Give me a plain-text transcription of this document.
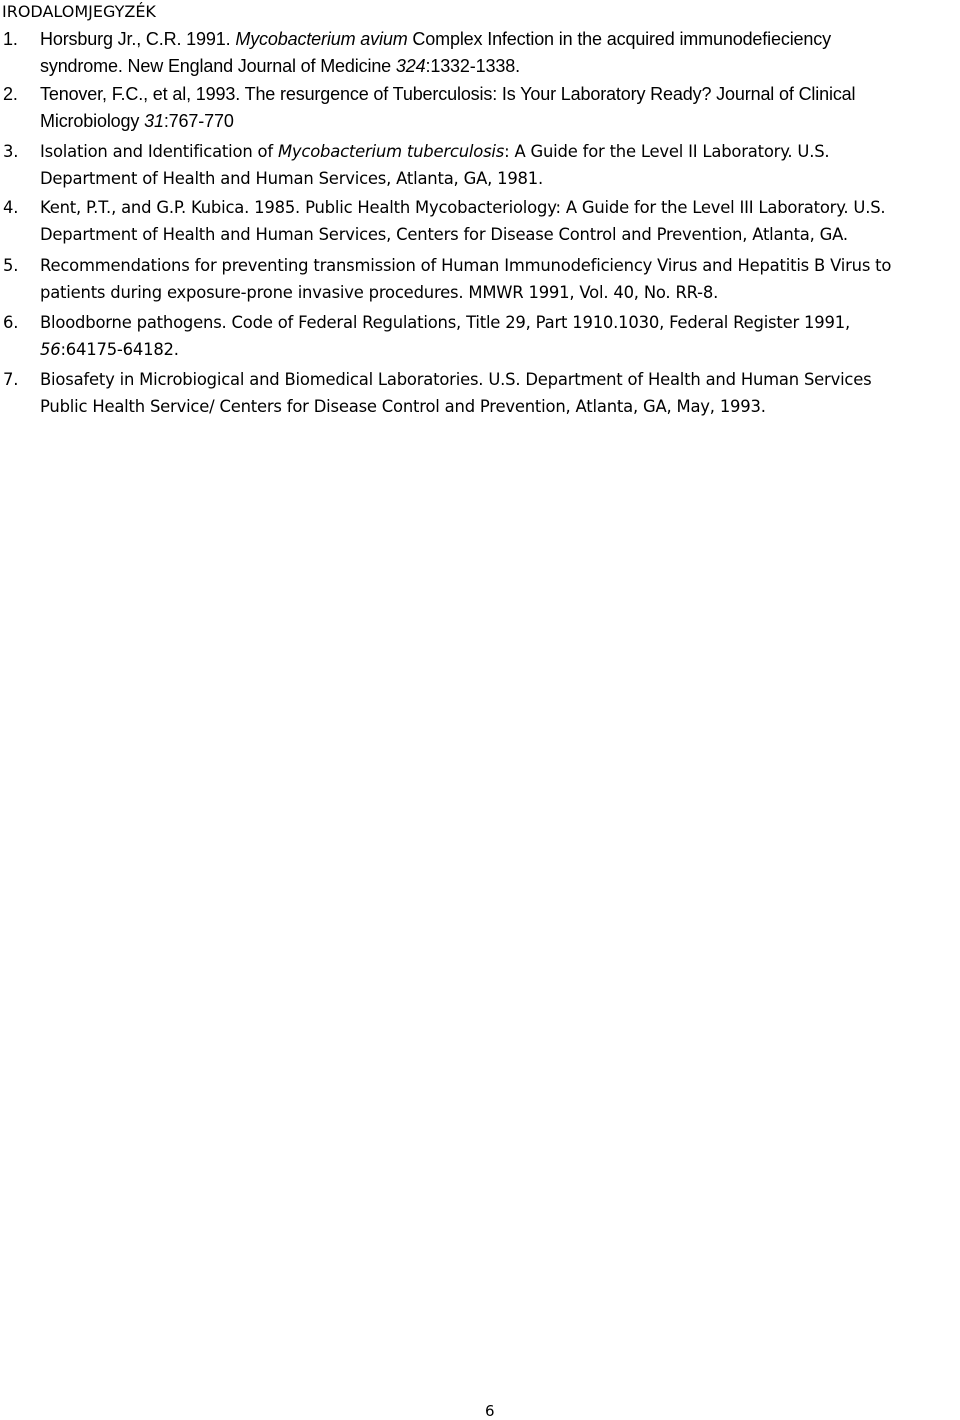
IRODALOMJEGYZÉK
1. Horsburg Jr., C.R. 1991. Mycobacterium avium Complex Infection in the acquired immunodefieciency
syndrome. New England Journal of Medicine 324:1332-1338.
2. Tenover, F.C., et al, 1993. The resurgence of Tuberculosis: Is Your Laboratory Ready? Journal of Clinical
Microbiology 31:767-770
3. Isolation and Identification of Mycobacterium tuberculosis: A Guide for the Level II Laboratory. U.S.
Department of Health and Human Services, Atlanta, GA, 1981.
4. Kent, P.T., and G.P. Kubica. 1985. Public Health Mycobacteriology: A Guide for the Level III Laboratory. U.S.
Department of Health and Human Services, Centers for Disease Control and Prevention, Atlanta, GA.
5. Recommendations for preventing transmission of Human Immunodeficiency Virus and Hepatitis B Virus to
patients during exposure-prone invasive procedures. MMWR 1991, Vol. 40, No. RR-8.
6. Bloodborne pathogens. Code of Federal Regulations, Title 29, Part 1910.1030, Federal Register 1991,
56:64175-64182.
7. Biosafety in Microbiogical and Biomedical Laboratories. U.S. Department of Health and Human Services
Public Health Service/ Centers for Disease Control and Prevention, Atlanta, GA, May, 1993.
6
